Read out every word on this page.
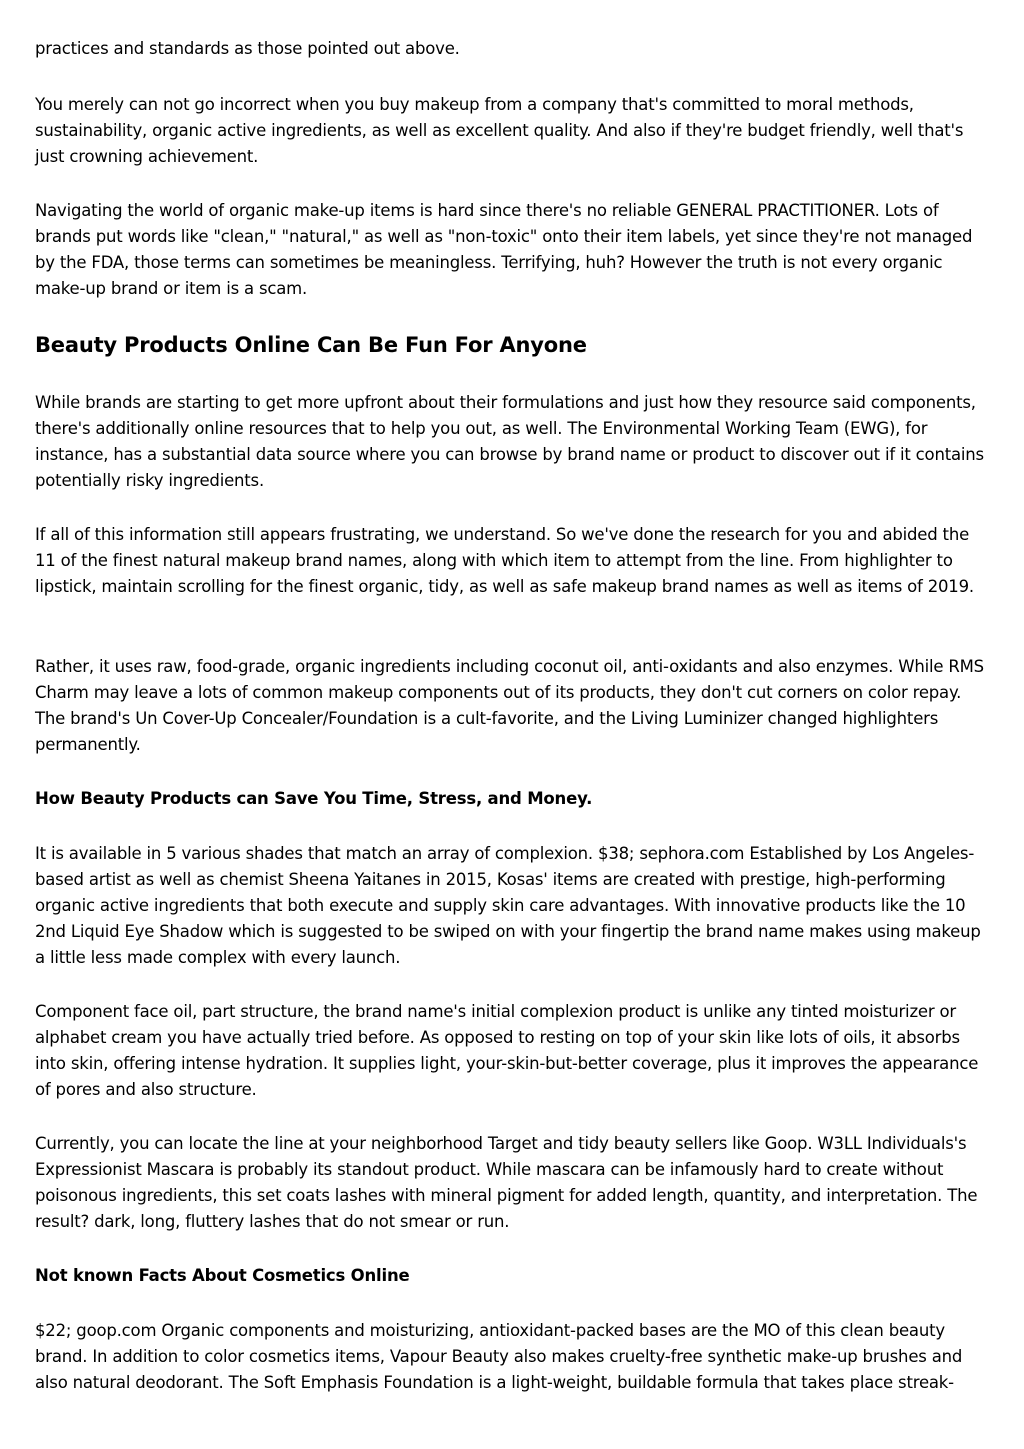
practices and standards as those pointed out above.

You merely can not go incorrect when you buy makeup from a company that's committed to moral methods, sustainability, organic active ingredients, as well as excellent quality. And also if they're budget friendly, well that's just crowning achievement.

Navigating the world of organic make-up items is hard since there's no reliable GENERAL PRACTITIONER. Lots of brands put words like "clean," "natural," as well as "non-toxic" onto their item labels, yet since they're not managed by the FDA, those terms can sometimes be meaningless. Terrifying, huh? However the truth is not every organic make-up brand or item is a scam.

Beauty Products Online Can Be Fun For Anyone

While brands are starting to get more upfront about their formulations and just how they resource said components, there's additionally online resources that to help you out, as well. The Environmental Working Team (EWG), for instance, has a substantial data source where you can browse by brand name or product to discover out if it contains potentially risky ingredients.

If all of this information still appears frustrating, we understand. So we've done the research for you and abided the 11 of the finest natural makeup brand names, along with which item to attempt from the line. From highlighter to lipstick, maintain scrolling for the finest organic, tidy, as well as safe makeup brand names as well as items of 2019.

Rather, it uses raw, food-grade, organic ingredients including coconut oil, anti-oxidants and also enzymes. While RMS Charm may leave a lots of common makeup components out of its products, they don't cut corners on color repay. The brand's Un Cover-Up Concealer/Foundation is a cult-favorite, and the Living Luminizer changed highlighters permanently.

How Beauty Products can Save You Time, Stress, and Money.

It is available in 5 various shades that match an array of complexion. $38; sephora.com Established by Los Angeles-based artist as well as chemist Sheena Yaitanes in 2015, Kosas' items are created with prestige, high-performing organic active ingredients that both execute and supply skin care advantages. With innovative products like the 10 2nd Liquid Eye Shadow which is suggested to be swiped on with your fingertip the brand name makes using makeup a little less made complex with every launch.

Component face oil, part structure, the brand name's initial complexion product is unlike any tinted moisturizer or alphabet cream you have actually tried before. As opposed to resting on top of your skin like lots of oils, it absorbs into skin, offering intense hydration. It supplies light, your-skin-but-better coverage, plus it improves the appearance of pores and also structure.

Currently, you can locate the line at your neighborhood Target and tidy beauty sellers like Goop. W3LL Individuals's Expressionist Mascara is probably its standout product. While mascara can be infamously hard to create without poisonous ingredients, this set coats lashes with mineral pigment for added length, quantity, and interpretation. The result? dark, long, fluttery lashes that do not smear or run.

Not known Facts About Cosmetics Online

$22; goop.com Organic components and moisturizing, antioxidant-packed bases are the MO of this clean beauty brand. In addition to color cosmetics items, Vapour Beauty also makes cruelty-free synthetic make-up brushes and also natural deodorant. The Soft Emphasis Foundation is a light-weight, buildable formula that takes place streak-
